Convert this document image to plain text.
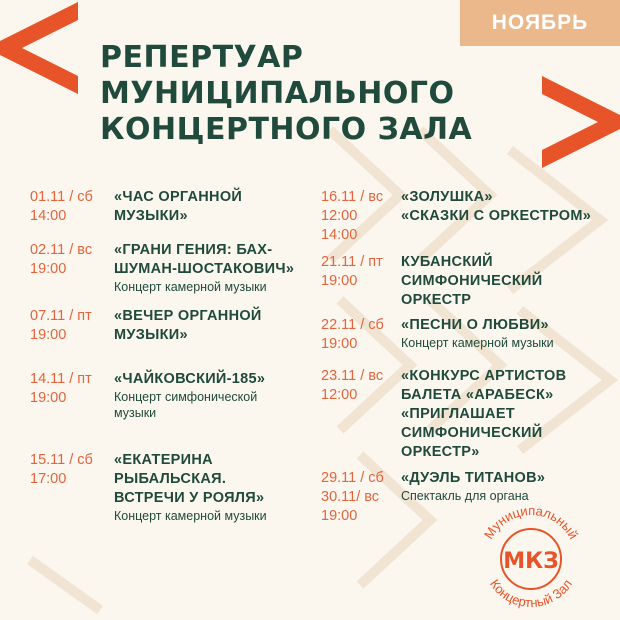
НОЯБРЬ
РЕПЕРТУАР
МУНИЦИПАЛЬНОГО
КОНЦЕРТНОГО ЗАЛА
01.11 / сб
14:00
«ЧАС ОРГАННОЙ
МУЗЫКИ»
02.11 / вс
19:00
«ГРАНИ ГЕНИЯ: БАХ-
ШУМАН-ШОСТАКОВИЧ»
Концерт камерной музыки
07.11 / пт
19:00
«ВЕЧЕР ОРГАННОЙ
МУЗЫКИ»
14.11 / пт
19:00
«ЧАЙКОВСКИЙ-185»
Концерт симфонической
музыки
15.11 / сб
17:00
«ЕКАТЕРИНА
РЫБАЛЬСКАЯ.
ВСТРЕЧИ У РОЯЛЯ»
Концерт камерной музыки
16.11 / вс
12:00
14:00
«ЗОЛУШКА»
«СКАЗКИ С ОРКЕСТРОМ»
21.11 / пт
19:00
КУБАНСКИЙ
СИМФОНИЧЕСКИЙ
ОРКЕСТР
22.11 / сб
19:00
«ПЕСНИ О ЛЮБВИ»
Концерт камерной музыки
23.11 / вс
12:00
«КОНКУРС АРТИСТОВ
БАЛЕТА «АРАБЕСК»
«ПРИГЛАШАЕТ
СИМФОНИЧЕСКИЙ
ОРКЕСТР»
29.11 / сб
30.11/ вс
19:00
«ДУЭЛЬ ТИТАНОВ»
Спектакль для органа
Муниципальный
Концертный Зал
МКЗ
